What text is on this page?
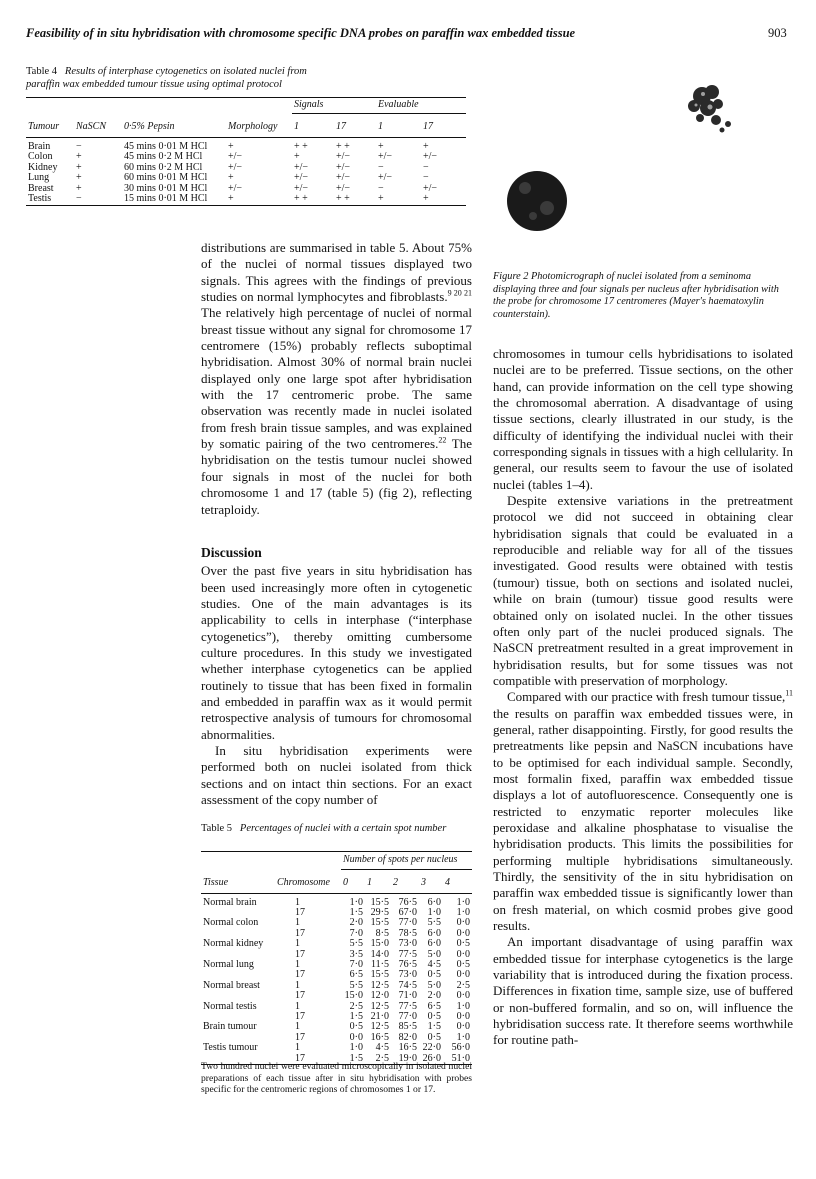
Feasibility of in situ hybridisation with chromosome specific DNA probes on paraffin wax embedded tissue	903
Table 4 Results of interphase cytogenetics on isolated nuclei from paraffin wax embedded tumour tissue using optimal protocol
				Signals		Evaluable	

Tumour	NaSCN	0·5% Pepsin	Morphology	1	17	1	17

Brain	−	45 mins 0·01 M HCl	+	+ +	+ +	+	+
Colon	+	45 mins 0·2 M HCl	+/−	+	+/−	+/−	+/−
Kidney	+	60 mins 0·2 M HCl	+/−	+/−	+/−	−	−
Lung	+	60 mins 0·01 M HCl	+	+/−	+/−	+/−	−
Breast	+	30 mins 0·01 M HCl	+/−	+/−	+/−	−	+/−
Testis	−	15 mins 0·01 M HCl	+	+ +	+ +	+	+

Figure 2 Photomicrograph of nuclei isolated from a seminoma displaying three and four signals per nucleus after hybridisation with the probe for chromosome 17 centromeres (Mayer's haematoxylin counterstain).

distributions are summarised in table 5. About 75% of the nuclei of normal tissues displayed two signals. This agrees with the findings of previous studies on normal lymphocytes and fibroblasts.$^{9 20 21}$ The relatively high percentage of nuclei of normal breast tissue without any signal for chromosome 17 centromere (15%) probably reflects suboptimal hybridisation. Almost 30% of normal brain nuclei displayed only one large spot after hybridisation with the 17 centromeric probe. The same observation was recently made in nuclei isolated from fresh brain tissue samples, and was explained by somatic pairing of the two centromeres.$^{22}$ The hybridisation on the testis tumour nuclei showed four signals in most of the nuclei for both chromosome 1 and 17 (table 5) (fig 2), reflecting tetraploidy.

Discussion

Over the past five years in situ hybridisation has been used increasingly more often in cytogenetic studies. One of the main advantages is its applicability to cells in interphase (“interphase cytogenetics”), thereby omitting cumbersome culture procedures. In this study we investigated whether interphase cytogenetics can be applied routinely to tissue that has been fixed in formalin and embedded in paraffin wax as it would permit retrospective analysis of tumours for chromosomal abnormalities.

In situ hybridisation experiments were performed both on nuclei isolated from thick sections and on intact thin sections. For an exact assessment of the copy number of

Table 5 Percentages of nuclei with a certain spot number
		Number of spots per nucleus				

Tissue	Chromosome	0	1	2	3	4

Normal brain	1	1·0	15·5	76·5	6·0	1·0
	17	1·5	29·5	67·0	1·0	1·0
Normal colon	1	2·0	15·5	77·0	5·5	0·0
	17	7·0	8·5	78·5	6·0	0·0
Normal kidney	1	5·5	15·0	73·0	6·0	0·5
	17	3·5	14·0	77·5	5·0	0·0
Normal lung	1	7·0	11·5	76·5	4·5	0·5
	17	6·5	15·5	73·0	0·5	0·0
Normal breast	1	5·5	12·5	74·5	5·0	2·5
	17	15·0	12·0	71·0	2·0	0·0
Normal testis	1	2·5	12·5	77·5	6·5	1·0
	17	1·5	21·0	77·0	0·5	0·0
Brain tumour	1	0·5	12·5	85·5	1·5	0·0
	17	0·0	16·5	82·0	0·5	1·0
Testis tumour	1	1·0	4·5	16·5	22·0	56·0
	17	1·5	2·5	19·0	26·0	51·0

Two hundred nuclei were evaluated microscopically in isolated nuclei preparations of each tissue after in situ hybridisation with probes specific for the centromeric regions of chromosomes 1 or 17.

chromosomes in tumour cells hybridisations to isolated nuclei are to be preferred. Tissue sections, on the other hand, can provide information on the cell type showing the chromosomal aberration. A disadvantage of using tissue sections, clearly illustrated in our study, is the difficulty of identifying the individual nuclei with their corresponding signals in tissues with a high cellularity. In general, our results seem to favour the use of isolated nuclei (tables 1–4).

Despite extensive variations in the pretreatment protocol we did not succeed in obtaining clear hybridisation signals that could be evaluated in a reproducible and reliable way for all of the tissues investigated. Good results were obtained with testis (tumour) tissue, both on sections and isolated nuclei, while on brain (tumour) tissue good results were obtained only on isolated nuclei. In the other tissues often only part of the nuclei produced signals. The NaSCN pretreatment resulted in a great improvement in hybridisation results, but for some tissues was not compatible with preservation of morphology.

Compared with our practice with fresh tumour tissue,$^{11}$ the results on paraffin wax embedded tissues were, in general, rather disappointing. Firstly, for good results the pretreatments like pepsin and NaSCN incubations have to be optimised for each individual sample. Secondly, most formalin fixed, paraffin wax embedded tissue displays a lot of autofluorescence. Consequently one is restricted to enzymatic reporter molecules like peroxidase and alkaline phosphatase to visualise the hybridisation products. This limits the possibilities for performing multiple hybridisations simultaneously. Thirdly, the sensitivity of the in situ hybridisation on paraffin wax embedded tissue is significantly lower than on fresh material, on which cosmid probes give good results.

An important disadvantage of using paraffin wax embedded tissue for interphase cytogenetics is the large variability that is introduced during the fixation process. Differences in fixation time, sample size, use of buffered or non-buffered formalin, and so on, will influence the hybridisation success rate. It therefore seems worthwhile for routine path-
